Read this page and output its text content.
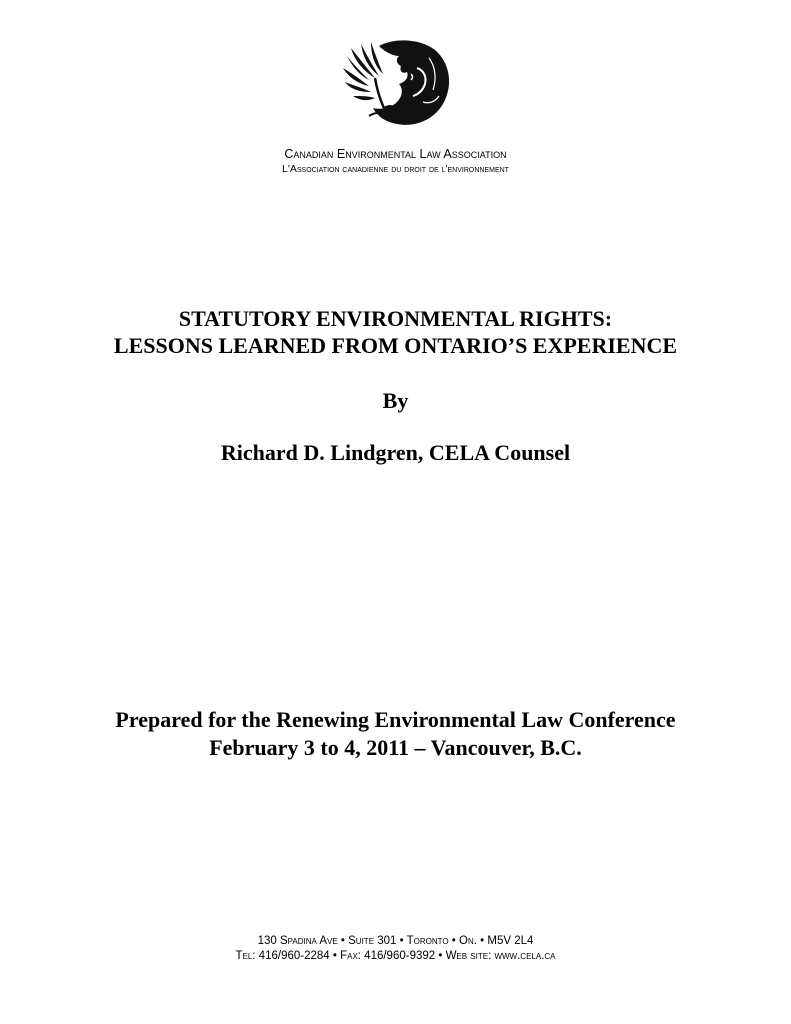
Canadian Environmental Law Association
L'Association canadienne du droit de l'environnement
STATUTORY ENVIRONMENTAL RIGHTS:
LESSONS LEARNED FROM ONTARIO’S EXPERIENCE
By
Richard D. Lindgren, CELA Counsel
Prepared for the Renewing Environmental Law Conference
February 3 to 4, 2011 – Vancouver, B.C.
130 Spadina Ave • Suite 301 • Toronto • On. • M5V 2L4
Tel: 416/960-2284 • Fax: 416/960-9392 • Web site: www.cela.ca
